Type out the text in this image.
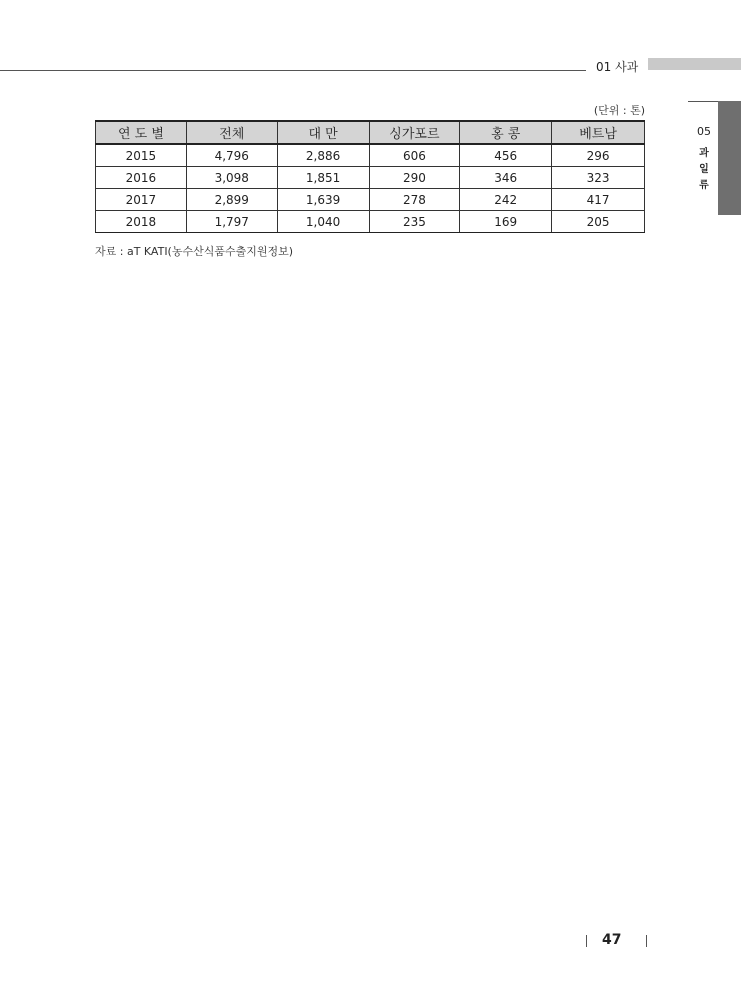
01 사과
05
과
일
류
(단위 : 톤)
연 도 별	전체	대 만	싱가포르	홍 콩	베트남
2015	4,796	2,886	606	456	296
2016	3,098	1,851	290	346	323
2017	2,899	1,639	278	242	417
2018	1,797	1,040	235	169	205
자료 : aT KATI(농수산식품수출지원정보)
47
